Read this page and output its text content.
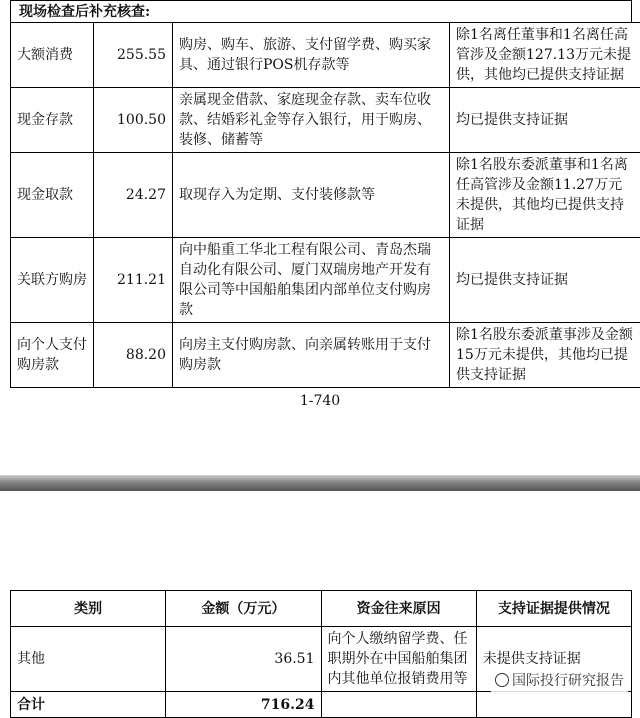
现场检查后补充核查:
大额消费	255.55	购房、购车、旅游、支付留学费、购买家具、通过银行POS机存款等	除1名离任董事和1名离任高管涉及金额127.13万元未提供，其他均已提供支持证据
现金存款	100.50	亲属现金借款、家庭现金存款、卖车位收款、结婚彩礼金等存入银行，用于购房、装修、储蓄等	均已提供支持证据
现金取款	24.27	取现存入为定期、支付装修款等	除1名股东委派董事和1名离任高管涉及金额11.27万元未提供，其他均已提供支持证据
关联方购房	211.21	向中船重工华北工程有限公司、青岛杰瑞自动化有限公司、厦门双瑞房地产开发有限公司等中国船舶集团内部单位支付购房款	均已提供支持证据
向个人支付购房款	88.20	向房主支付购房款、向亲属转账用于支付购房款	除1名股东委派董事涉及金额15万元未提供，其他均已提供支持证据
1-740
类别	金额（万元）	资金往来原因	支持证据提供情况
其他	36.51	向个人缴纳留学费、任职期外在中国船舶集团内其他单位报销费用等	未提供支持证据
合计	716.24		
国际投行研究报告
